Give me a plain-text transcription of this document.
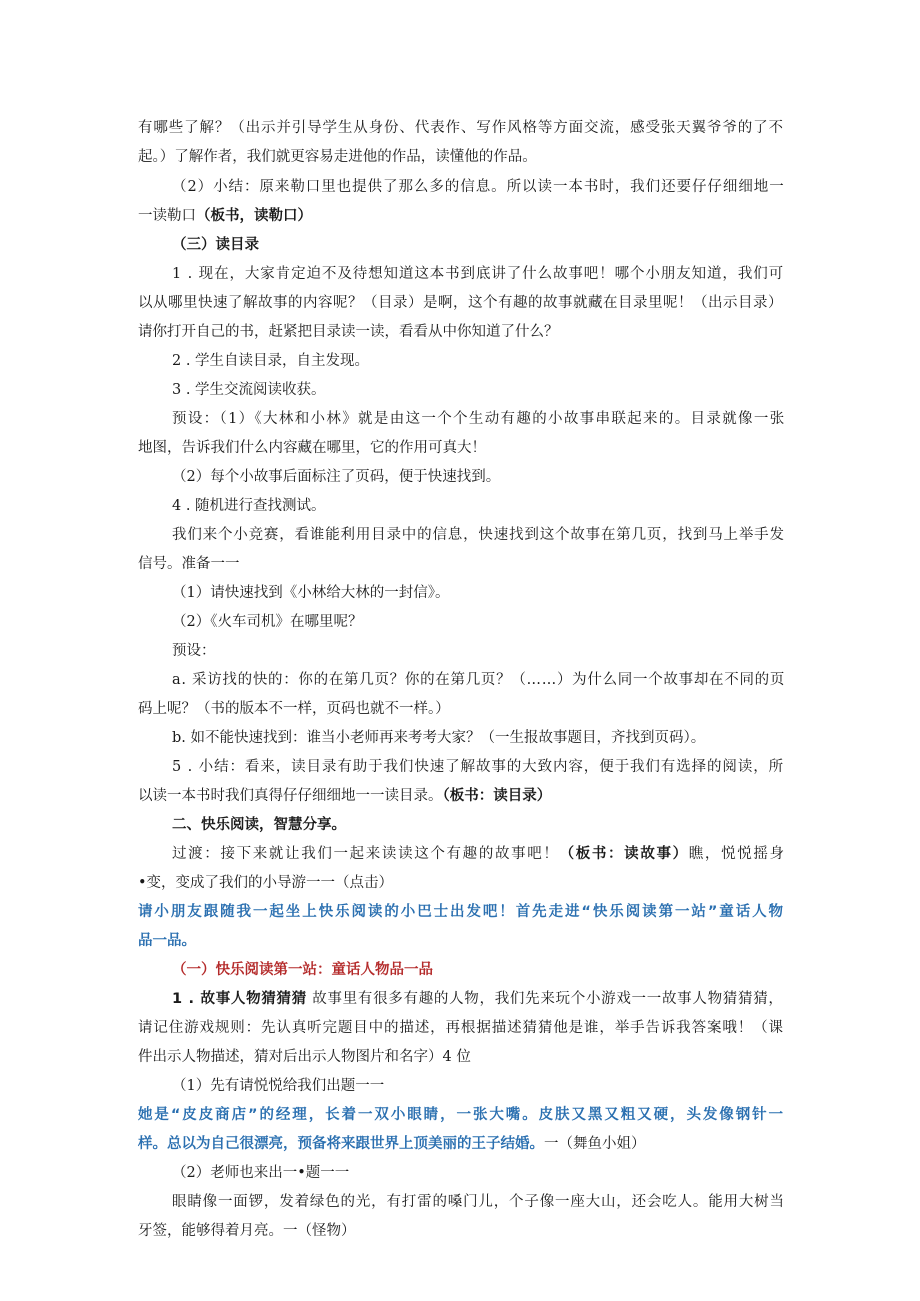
有哪些了解？（出示并引导学生从身份、代表作、写作风格等方面交流，感受张天翼爷爷的了不
起。）了解作者，我们就更容易走进他的作品，读懂他的作品。
（2）小结：原来勒口里也提供了那么多的信息。所以读一本书时，我们还要仔仔细细地一
一读勒口（板书，读勒口）
（三）读目录
1 . 现在，大家肯定迫不及待想知道这本书到底讲了什么故事吧！哪个小朋友知道，我们可
以从哪里快速了解故事的内容呢？（目录）是啊，这个有趣的故事就藏在目录里呢！（出示目录）
请你打开自己的书，赶紧把目录读一读，看看从中你知道了什么？
2 . 学生自读目录，自主发现。
3 . 学生交流阅读收获。
预设：（1）《大林和小林》就是由这一个个生动有趣的小故事串联起来的。目录就像一张
地图，告诉我们什么内容藏在哪里，它的作用可真大！
（2）每个小故事后面标注了页码，便于快速找到。
4 . 随机进行查找测试。
我们来个小竞赛，看谁能利用目录中的信息，快速找到这个故事在第几页，找到马上举手发
信号。准备一一
（1）请快速找到《小林给大林的一封信》。
（2）《火车司机》在哪里呢？
预设：
a. 采访找的快的：你的在第几页？你的在第几页？（……）为什么同一个故事却在不同的页
码上呢？（书的版本不一样，页码也就不一样。）
b. 如不能快速找到：谁当小老师再来考考大家？（一生报故事题目，齐找到页码）。
5 . 小结：看来，读目录有助于我们快速了解故事的大致内容，便于我们有选择的阅读，所
以读一本书时我们真得仔仔细细地一一读目录。（板书：读目录）
二、快乐阅读，智慧分享。
过渡：接下来就让我们一起来读读这个有趣的故事吧！（板书：读故事）瞧，悦悦摇身
•变，变成了我们的小导游一一（点击）
请小朋友跟随我一起坐上快乐阅读的小巴士出发吧！首先走进“快乐阅读第一站”童话人物
品一品。
（一）快乐阅读第一站：童话人物品一品
1 . 故事人物猜猜猜 故事里有很多有趣的人物，我们先来玩个小游戏一一故事人物猜猜猜，
请记住游戏规则：先认真听完题目中的描述，再根据描述猜猜他是谁，举手告诉我答案哦！（课
件出示人物描述，猜对后出示人物图片和名字）4 位
（1）先有请悦悦给我们出题一一
她是“皮皮商店”的经理，长着一双小眼睛，一张大嘴。皮肤又黑又粗又硬，头发像钢针一
样。总以为自己很漂亮，预备将来跟世界上顶美丽的王子结婚。一（舞鱼小姐）
（2）老师也来出一•题一一
眼睛像一面锣，发着绿色的光，有打雷的嗓门儿，个子像一座大山，还会吃人。能用大树当
牙签，能够得着月亮。一（怪物）
